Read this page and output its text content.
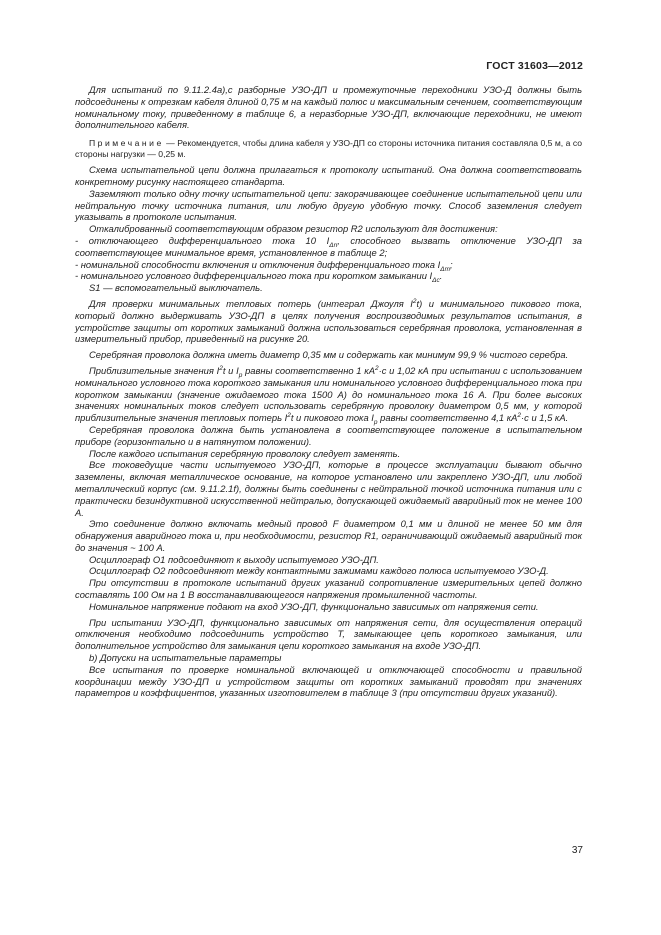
ГОСТ 31603—2012

Для испытаний по 9.11.2.4а),с разборные УЗО-ДП и промежуточные переходники УЗО-Д должны быть подсоединены к отрезкам кабеля длиной 0,75 м на каждый полюс и максимальным сечением, соответствующим номинальному току, приведенному в таблице 6, а неразборные УЗО-ДП, включающие переходники, не имеют дополнительного кабеля.

Примечание — Рекомендуется, чтобы длина кабеля у УЗО-ДП со стороны источника питания составляла 0,5 м, а со стороны нагрузки — 0,25 м.

Схема испытательной цепи должна прилагаться к протоколу испытаний. Она должна соответствовать конкретному рисунку настоящего стандарта.

Заземляют только одну точку испытательной цепи: закорачивающее соединение испытательной цепи или нейтральную точку источника питания, или любую другую удобную точку. Способ заземления следует указывать в протоколе испытания.

Откалиброванный соответствующим образом резистор R2 используют для достижения:

- отключающего дифференциального тока 10 $I_{\Delta n}$, способного вызвать отключение УЗО-ДП за соответствующее минимальное время, установленное в таблице 2;

- номинальной способности включения и отключения дифференциального тока $I_{\Delta m}$;

- номинального условного дифференциального тока при коротком замыкании $I_{\Delta c}$.

S1 — вспомогательный выключатель.

Для проверки минимальных тепловых потерь (интеграл Джоуля $I^2t$) и минимального пикового тока, который должно выдерживать УЗО-ДП в целях получения воспроизводимых результатов испытания, в устройстве защиты от коротких замыканий должна использоваться серебряная проволока, установленная в измерительный прибор, приведенный на рисунке 20.

Серебряная проволока должна иметь диаметр 0,35 мм и содержать как минимум 99,9 % чистого серебра.

Приблизительные значения $I^2t$ и $I_p$ равны соответственно 1 $кА^2\cdot с$ и 1,02 кА при испытании с использованием номинального условного тока короткого замыкания или номинального условного дифференциального тока при коротком замыкании (значение ожидаемого тока 1500 А) до номинального тока 16 А. При более высоких значениях номинальных токов следует использовать серебряную проволоку диаметром 0,5 мм, у которой приблизительные значения тепловых потерь $I^2t$ и пикового тока $I_p$ равны соответственно 4,1 $кА^2\cdot с$ и 1,5 кА.

Серебряная проволока должна быть установлена в соответствующее положение в испытательном приборе (горизонтально и в натянутом положении).

После каждого испытания серебряную проволоку следует заменять.

Все токоведущие части испытуемого УЗО-ДП, которые в процессе эксплуатации бывают обычно заземлены, включая металлическое основание, на которое установлено или закреплено УЗО-ДП, или любой металлический корпус (см. 9.11.2.1f), должны быть соединены с нейтральной точкой источника питания или с практически безиндуктивной искусственной нейтралью, допускающей ожидаемый аварийный ток не менее 100 А.

Это соединение должно включать медный провод F диаметром 0,1 мм и длиной не менее 50 мм для обнаружения аварийного тока и, при необходимости, резистор R1, ограничивающий ожидаемый аварийный ток до значения ~ 100 А.

Осциллограф О1 подсоединяют к выходу испытуемого УЗО-ДП.

Осциллограф О2 подсоединяют между контактными зажимами каждого полюса испытуемого УЗО-Д.

При отсутствии в протоколе испытаний других указаний сопротивление измерительных цепей должно составлять 100 Ом на 1 В восстанавливающегося напряжения промышленной частоты.

Номинальное напряжение подают на вход УЗО-ДП, функционально зависимых от напряжения сети.

При испытании УЗО-ДП, функционально зависимых от напряжения сети, для осуществления операций отключения необходимо подсоединить устройство Т, замыкающее цепь короткого замыкания, или дополнительное устройство для замыкания цепи короткого замыкания на входе УЗО-ДП.

b) Допуски на испытательные параметры

Все испытания по проверке номинальной включающей и отключающей способности и правильной координации между УЗО-ДП и устройством защиты от коротких замыканий проводят при значениях параметров и коэффициентов, указанных изготовителем в таблице 3 (при отсутствии других указаний).

37
